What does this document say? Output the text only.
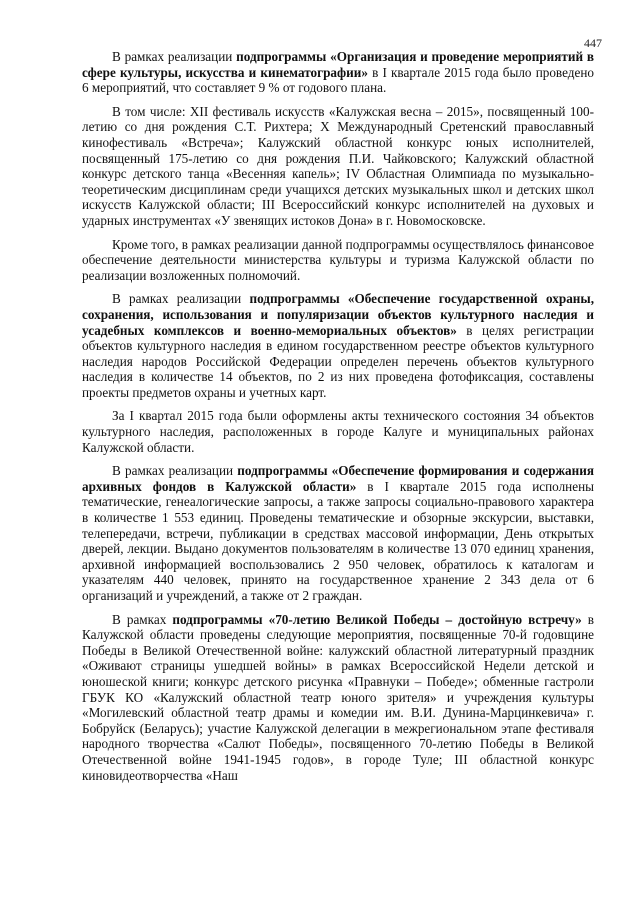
447

В рамках реализации подпрограммы «Организация и проведение мероприятий в сфере культуры, искусства и кинематографии» в I квартале 2015 года было проведено 6 мероприятий, что составляет 9 % от годового плана.

В том числе: XII фестиваль искусств «Калужская весна – 2015», посвященный 100-летию со дня рождения С.Т. Рихтера; X Международный Сретенский православный кинофестиваль «Встреча»; Калужский областной конкурс юных исполнителей, посвященный 175-летию со дня рождения П.И. Чайковского; Калужский областной конкурс детского танца «Весенняя капель»; IV Областная Олимпиада по музыкально-теоретическим дисциплинам среди учащихся детских музыкальных школ и детских школ искусств Калужской области; III Всероссийский конкурс исполнителей на духовых и ударных инструментах «У звенящих истоков Дона» в г. Новомосковске.

Кроме того, в рамках реализации данной подпрограммы осуществлялось финансовое обеспечение деятельности министерства культуры и туризма Калужской области по реализации возложенных полномочий.

В рамках реализации подпрограммы «Обеспечение государственной охраны, сохранения, использования и популяризации объектов культурного наследия и усадебных комплексов и военно-мемориальных объектов» в целях регистрации объектов культурного наследия в едином государственном реестре объектов культурного наследия народов Российской Федерации определен перечень объектов культурного наследия в количестве 14 объектов, по 2 из них проведена фотофиксация, составлены проекты предметов охраны и учетных карт.

За I квартал 2015 года были оформлены акты технического состояния 34 объектов культурного наследия, расположенных в городе Калуге и муниципальных районах Калужской области.

В рамках реализации подпрограммы «Обеспечение формирования и содержания архивных фондов в Калужской области» в I квартале 2015 года исполнены тематические, генеалогические запросы, а также запросы социально-правового характера в количестве 1 553 единиц. Проведены тематические и обзорные экскурсии, выставки, телепередачи, встречи, публикации в средствах массовой информации, День открытых дверей, лекции. Выдано документов пользователям в количестве 13 070 единиц хранения, архивной информацией воспользовались 2 950 человек, обратилось к каталогам и указателям 440 человек, принято на государственное хранение 2 343 дела от 6 организаций и учреждений, а также от 2 граждан.

В рамках подпрограммы «70-летию Великой Победы – достойную встречу» в Калужской области проведены следующие мероприятия, посвященные 70-й годовщине Победы в Великой Отечественной войне: калужский областной литературный праздник «Оживают страницы ушедшей войны» в рамках Всероссийской Недели детской и юношеской книги; конкурс детского рисунка «Правнуки – Победе»; обменные гастроли ГБУК КО «Калужский областной театр юного зрителя» и учреждения культуры «Могилевский областной театр драмы и комедии им. В.И. Дунина-Марцинкевича» г. Бобруйск (Беларусь); участие Калужской делегации в межрегиональном этапе фестиваля народного творчества «Салют Победы», посвященного 70-летию Победы в Великой Отечественной войне 1941-1945 годов», в городе Туле; III областной конкурс киновидеотворчества «Наш
